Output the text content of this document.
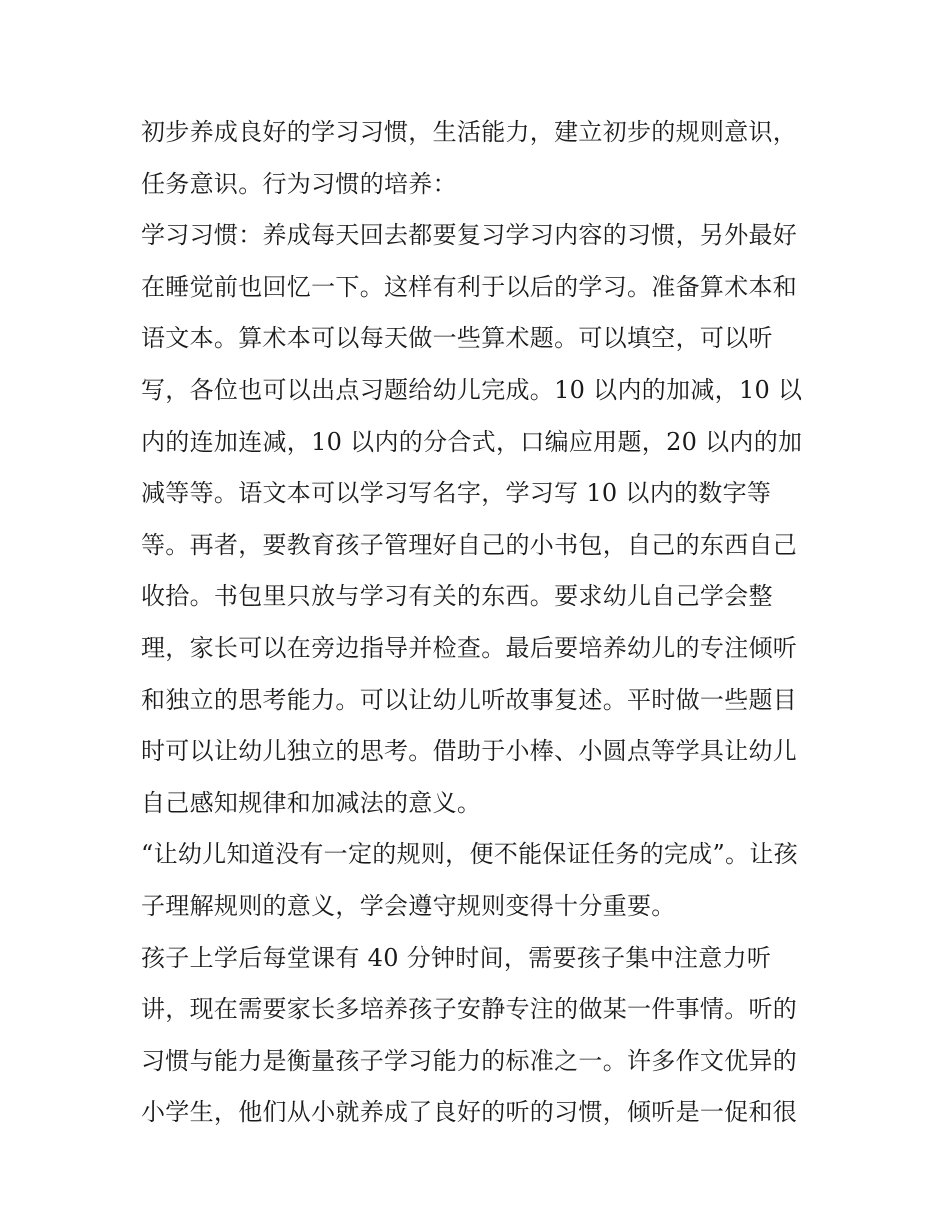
初步养成良好的学习习惯，生活能力，建立初步的规则意识，
任务意识。行为习惯的培养：
学习习惯：养成每天回去都要复习学习内容的习惯，另外最好
在睡觉前也回忆一下。这样有利于以后的学习。准备算术本和
语文本。算术本可以每天做一些算术题。可以填空，可以听
写，各位也可以出点习题给幼儿完成。10 以内的加减，10 以
内的连加连减，10 以内的分合式，口编应用题，20 以内的加
减等等。语文本可以学习写名字，学习写 10 以内的数字等
等。再者，要教育孩子管理好自己的小书包，自己的东西自己
收拾。书包里只放与学习有关的东西。要求幼儿自己学会整
理，家长可以在旁边指导并检查。最后要培养幼儿的专注倾听
和独立的思考能力。可以让幼儿听故事复述。平时做一些题目
时可以让幼儿独立的思考。借助于小棒、小圆点等学具让幼儿
自己感知规律和加减法的意义。
“让幼儿知道没有一定的规则，便不能保证任务的完成”。让孩
子理解规则的意义，学会遵守规则变得十分重要。
孩子上学后每堂课有 40 分钟时间，需要孩子集中注意力听
讲，现在需要家长多培养孩子安静专注的做某一件事情。听的
习惯与能力是衡量孩子学习能力的标准之一。许多作文优异的
小学生，他们从小就养成了良好的听的习惯，倾听是一促和很
